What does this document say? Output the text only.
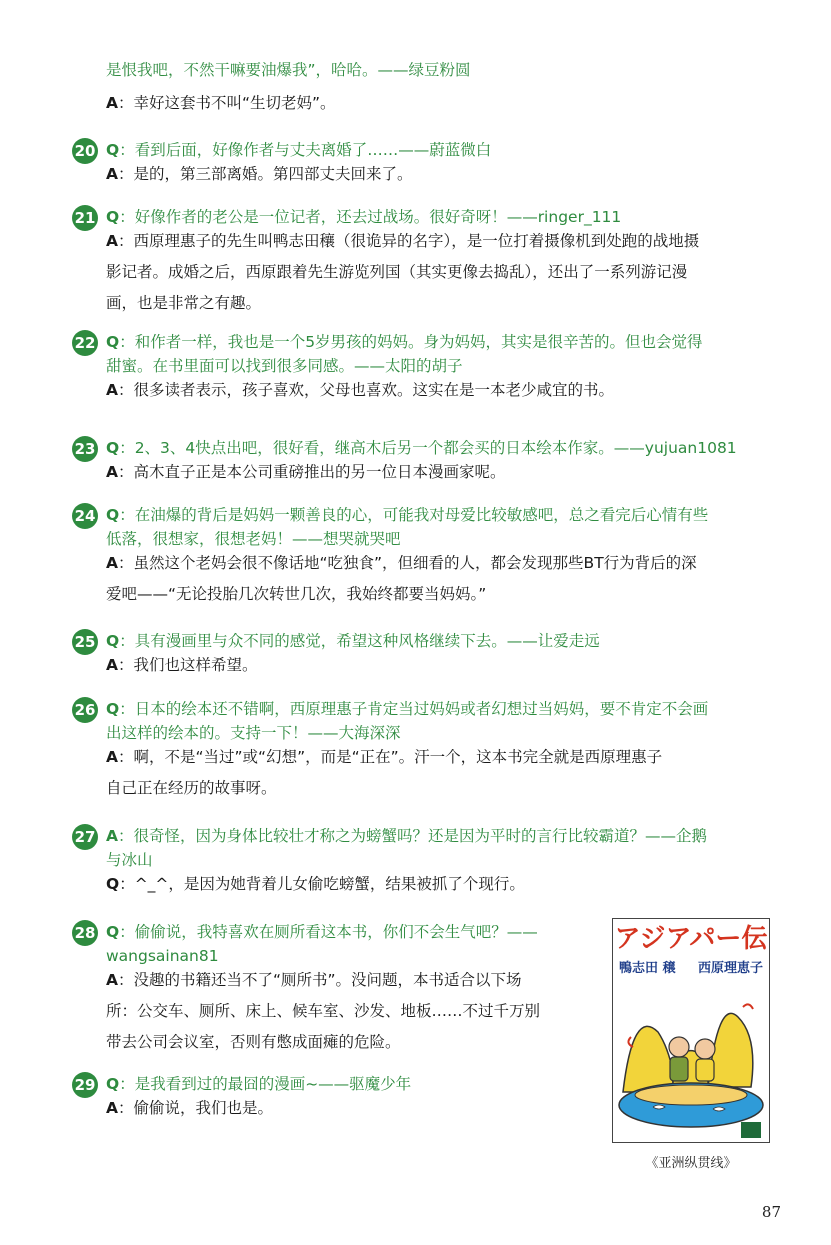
是恨我吧，不然干嘛要油爆我”，哈哈。——绿豆粉圆
A：幸好这套书不叫“生切老妈”。
20 Q：看到后面，好像作者与丈夫离婚了……——蔚蓝微白
A：是的，第三部离婚。第四部丈夫回来了。
21 Q：好像作者的老公是一位记者，还去过战场。很好奇呀！——ringer_111
A：西原理惠子的先生叫鸭志田穰（很诡异的名字），是一位打着摄像机到处跑的战地摄
影记者。成婚之后，西原跟着先生游览列国（其实更像去捣乱），还出了一系列游记漫
画，也是非常之有趣。
22 Q：和作者一样，我也是一个5岁男孩的妈妈。身为妈妈，其实是很辛苦的。但也会觉得
甜蜜。在书里面可以找到很多同感。——太阳的胡子
A：很多读者表示，孩子喜欢，父母也喜欢。这实在是一本老少咸宜的书。
23 Q：2、3、4快点出吧，很好看，继高木后另一个都会买的日本绘本作家。——yujuan1081
A：高木直子正是本公司重磅推出的另一位日本漫画家呢。
24 Q：在油爆的背后是妈妈一颗善良的心，可能我对母爱比较敏感吧，总之看完后心情有些
低落，很想家，很想老妈！——想哭就哭吧
A：虽然这个老妈会很不像话地“吃独食”，但细看的人，都会发现那些BT行为背后的深
爱吧——“无论投胎几次转世几次，我始终都要当妈妈。”
25 Q：具有漫画里与众不同的感觉，希望这种风格继续下去。——让爱走远
A：我们也这样希望。
26 Q：日本的绘本还不错啊，西原理惠子肯定当过妈妈或者幻想过当妈妈，要不肯定不会画
出这样的绘本的。支持一下！——大海深深
A：啊，不是“当过”或“幻想”，而是“正在”。汗一个，这本书完全就是西原理惠子
自己正在经历的故事呀。
27 A：很奇怪，因为身体比较壮才称之为螃蟹吗？还是因为平时的言行比较霸道？——企鹅
与冰山
Q：^_^，是因为她背着儿女偷吃螃蟹，结果被抓了个现行。
28 Q：偷偷说，我特喜欢在厕所看这本书，你们不会生气吧？——
wangsainan81
A：没趣的书籍还当不了“厕所书”。没问题，本书适合以下场
所：公交车、厕所、床上、候车室、沙发、地板……不过千万别
带去公司会议室，否则有憋成面瘫的危险。
29 Q：是我看到过的最囧的漫画~——驱魔少年
A：偷偷说，我们也是。
アジアパー伝
鴨志田 穣 西原理恵子
《亚洲纵贯线》
87
